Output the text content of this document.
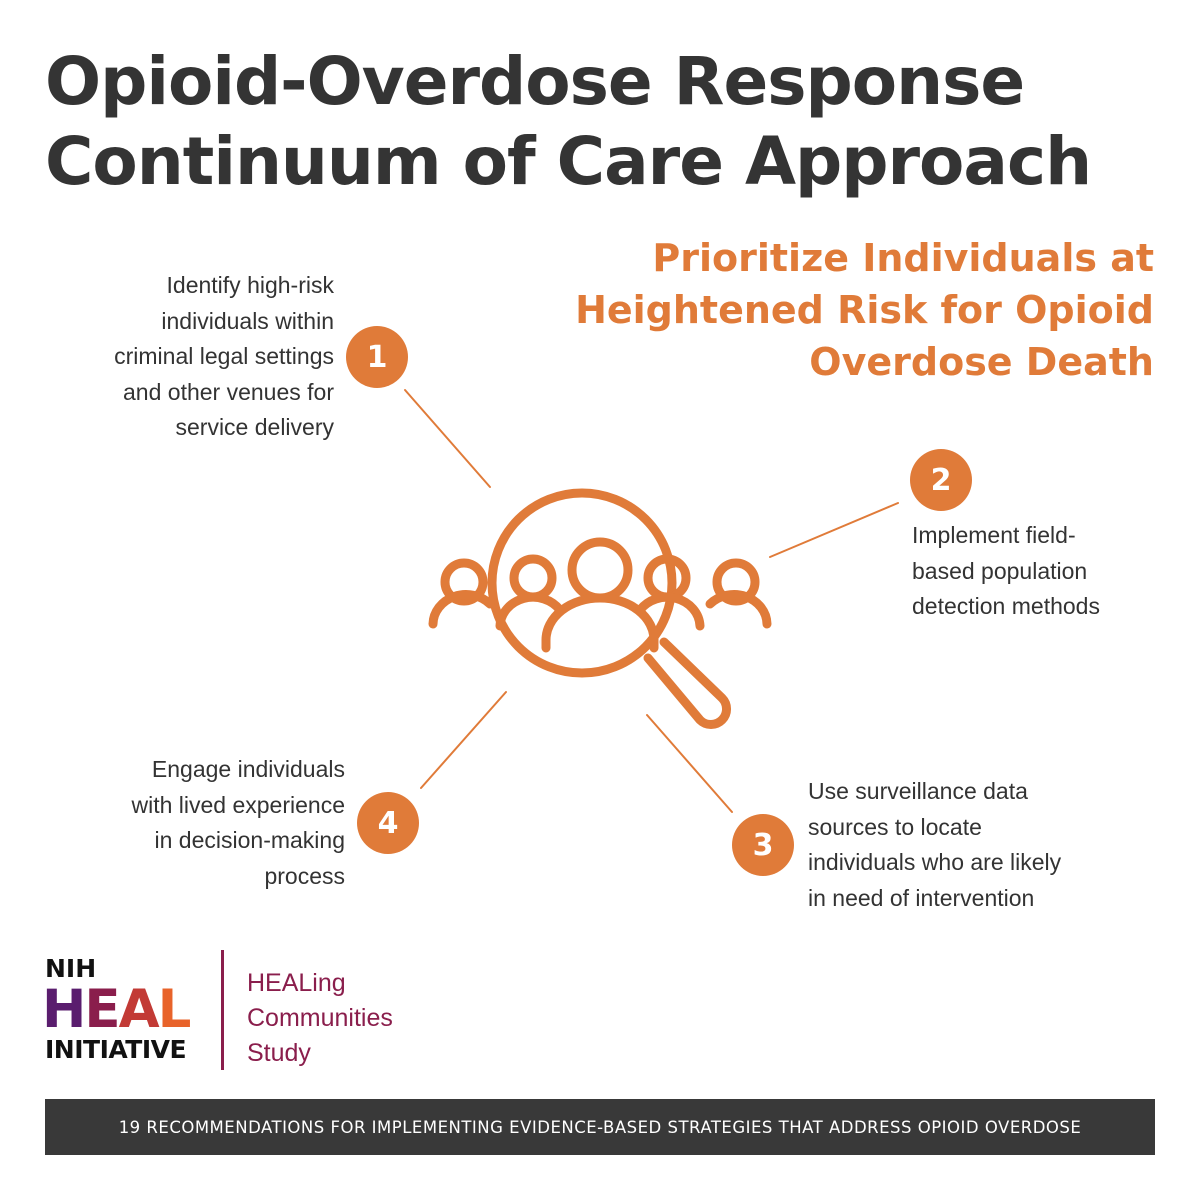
Opioid-Overdose Response
Continuum of Care Approach
Prioritize Individuals at
Heightened Risk for Opioid
Overdose Death
Identify high-risk
individuals within
criminal legal settings
and other venues for
service delivery
1
2
Implement field-
based population
detection methods
3
Use surveillance data
sources to locate
individuals who are likely
in need of intervention
Engage individuals
with lived experience
in decision-making
process
4
NIH
HEAL
INITIATIVE
HEALing
Communities
Study
19 RECOMMENDATIONS FOR IMPLEMENTING EVIDENCE-BASED STRATEGIES THAT ADDRESS OPIOID OVERDOSE
